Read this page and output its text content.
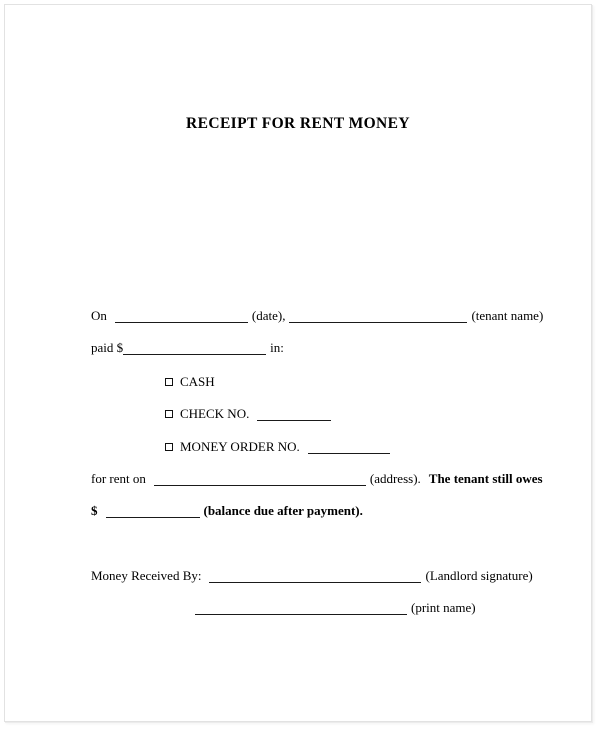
RECEIPT FOR RENT MONEY
On	(date),	(tenant name)
paid $	in:
CASH
CHECK NO.
MONEY ORDER NO.
for rent on	(address). The tenant still owes
$	(balance due after payment).
Money Received By:	(Landlord signature)
(print name)
